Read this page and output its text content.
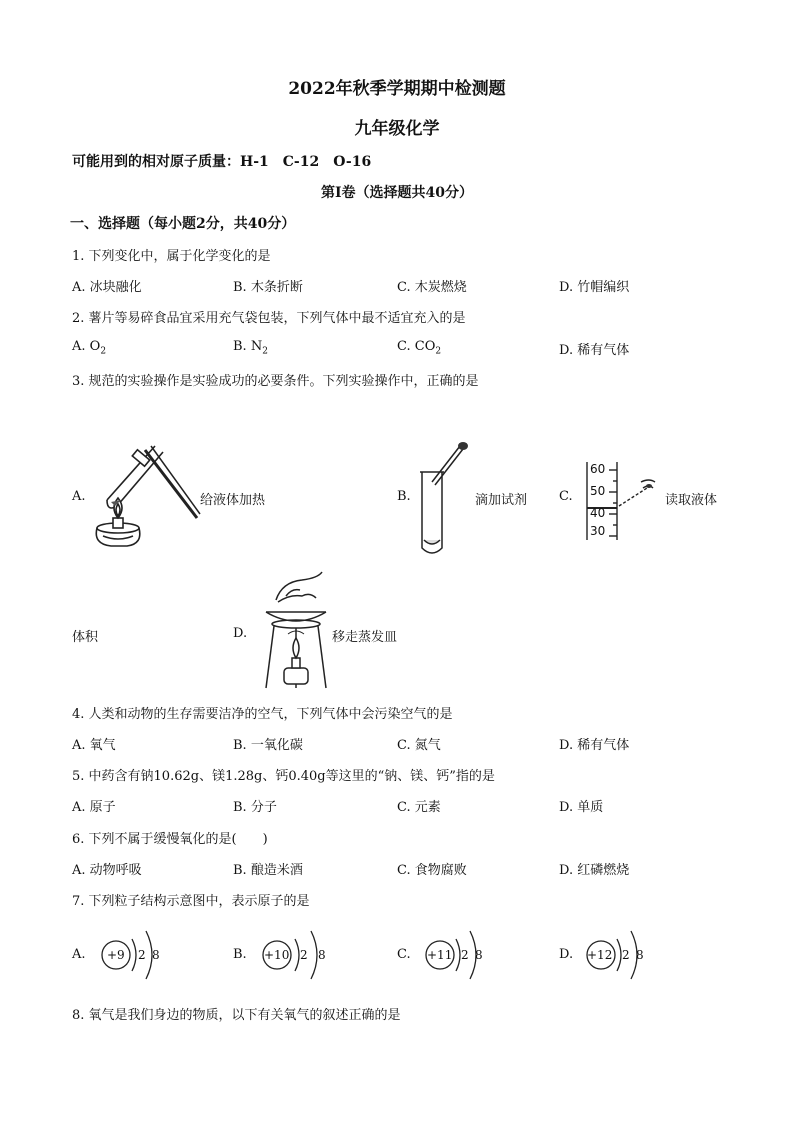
2022年秋季学期期中检测题
九年级化学
可能用到的相对原子质量：H-1　C-12　O-16
第Ⅰ卷（选择题共40分）
一、选择题（每小题2分，共40分）
1. 下列变化中，属于化学变化的是
A. 冰块融化	B. 木条折断	C. 木炭燃烧	D. 竹帽编织
2. 薯片等易碎食品宜采用充气袋包装，下列气体中最不适宜充入的是
A. $O_2$	B. $N_2$	C. $CO_2$	D. 稀有气体
3. 规范的实验操作是实验成功的必要条件。下列实验操作中，正确的是
A.	给液体加热	B.	滴加试剂 C.
60
50
40
30
读取液体
体积	D.	移走蒸发皿
4. 人类和动物的生存需要洁净的空气，下列气体中会污染空气的是
A. 氧气	B. 一氧化碳	C. 氮气	D. 稀有气体
5. 中药含有钠10.62g、镁1.28g、钙0.40g等这里的“钠、镁、钙”指的是
A. 原子	B. 分子	C. 元素	D. 单质
6. 下列不属于缓慢氧化的是(　　)
A. 动物呼吸	B. 酿造米酒	C. 食物腐败	D. 红磷燃烧
7. 下列粒子结构示意图中，表示原子的是
A. +9 2 8	B. +10 2 8	C. +11 2 8	D. +12 2 8
8. 氧气是我们身边的物质，以下有关氧气的叙述正确的是
